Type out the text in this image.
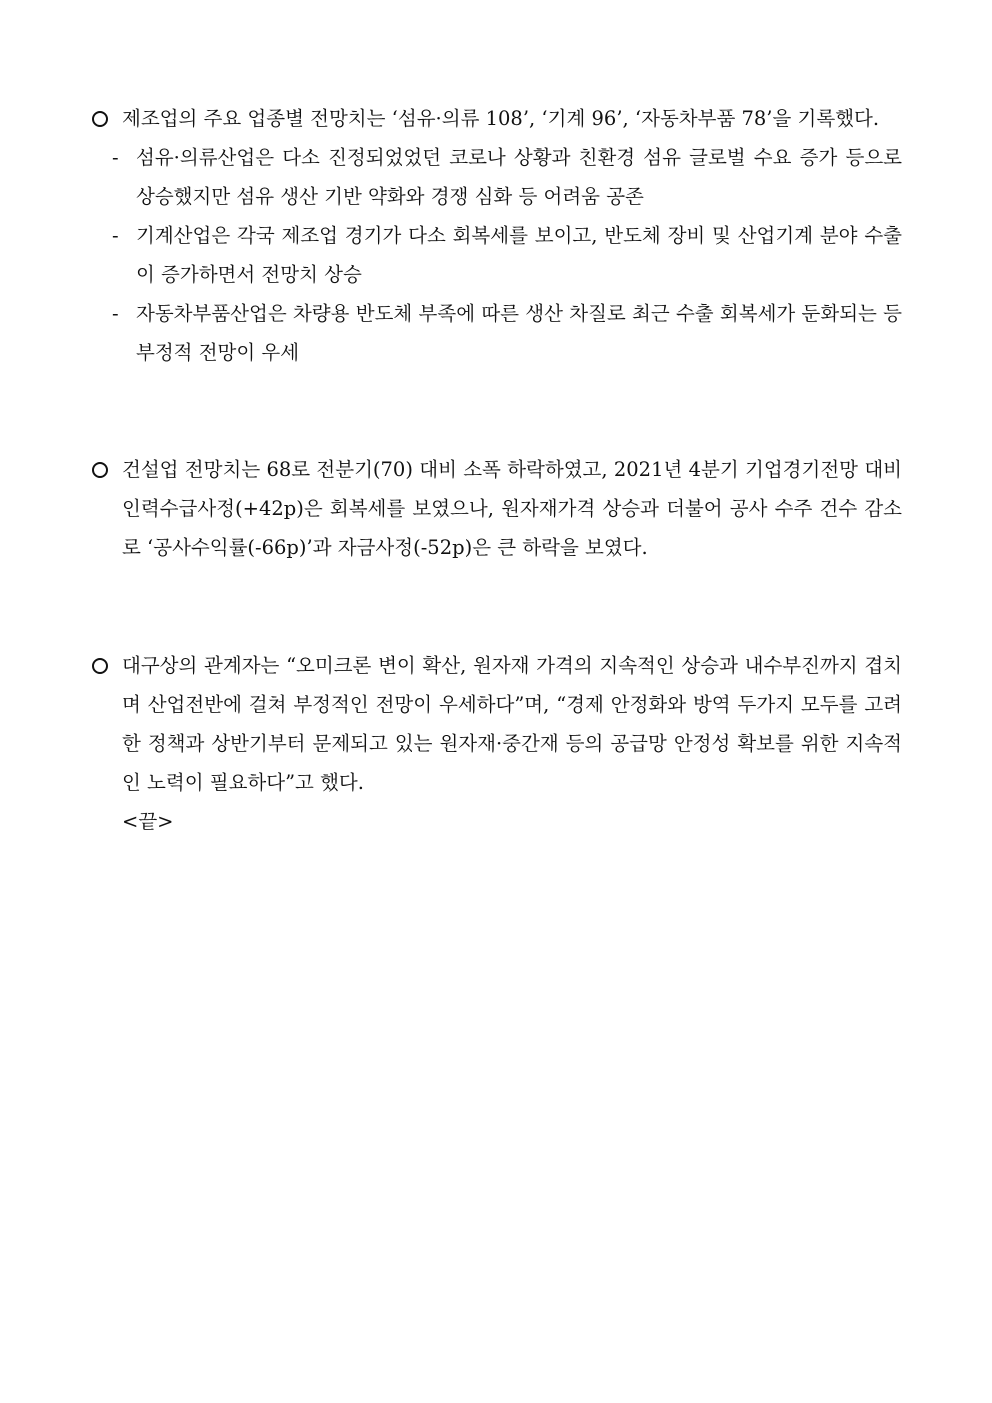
제조업의 주요 업종별 전망치는 ‘섬유·의류 108’, ‘기계 96’, ‘자동차부품 78’을 기록했다.
- 섬유·의류산업은 다소 진정되었었던 코로나 상황과 친환경 섬유 글로벌 수요 증가 등으로 상승했지만 섬유 생산 기반 약화와 경쟁 심화 등 어려움 공존
- 기계산업은 각국 제조업 경기가 다소 회복세를 보이고, 반도체 장비 및 산업기계 분야 수출이 증가하면서 전망치 상승
- 자동차부품산업은 차량용 반도체 부족에 따른 생산 차질로 최근 수출 회복세가 둔화되는 등 부정적 전망이 우세
건설업 전망치는 68로 전분기(70) 대비 소폭 하락하였고, 2021년 4분기 기업경기전망 대비 인력수급사정(+42p)은 회복세를 보였으나, 원자재가격 상승과 더불어 공사 수주 건수 감소로 ‘공사수익률(-66p)’과 자금사정(-52p)은 큰 하락을 보였다.
대구상의 관계자는 “오미크론 변이 확산, 원자재 가격의 지속적인 상승과 내수부진까지 겹치며 산업전반에 걸쳐 부정적인 전망이 우세하다”며, “경제 안정화와 방역 두가지 모두를 고려한 정책과 상반기부터 문제되고 있는 원자재·중간재 등의 공급망 안정성 확보를 위한 지속적인 노력이 필요하다”고 했다.
<끝>
